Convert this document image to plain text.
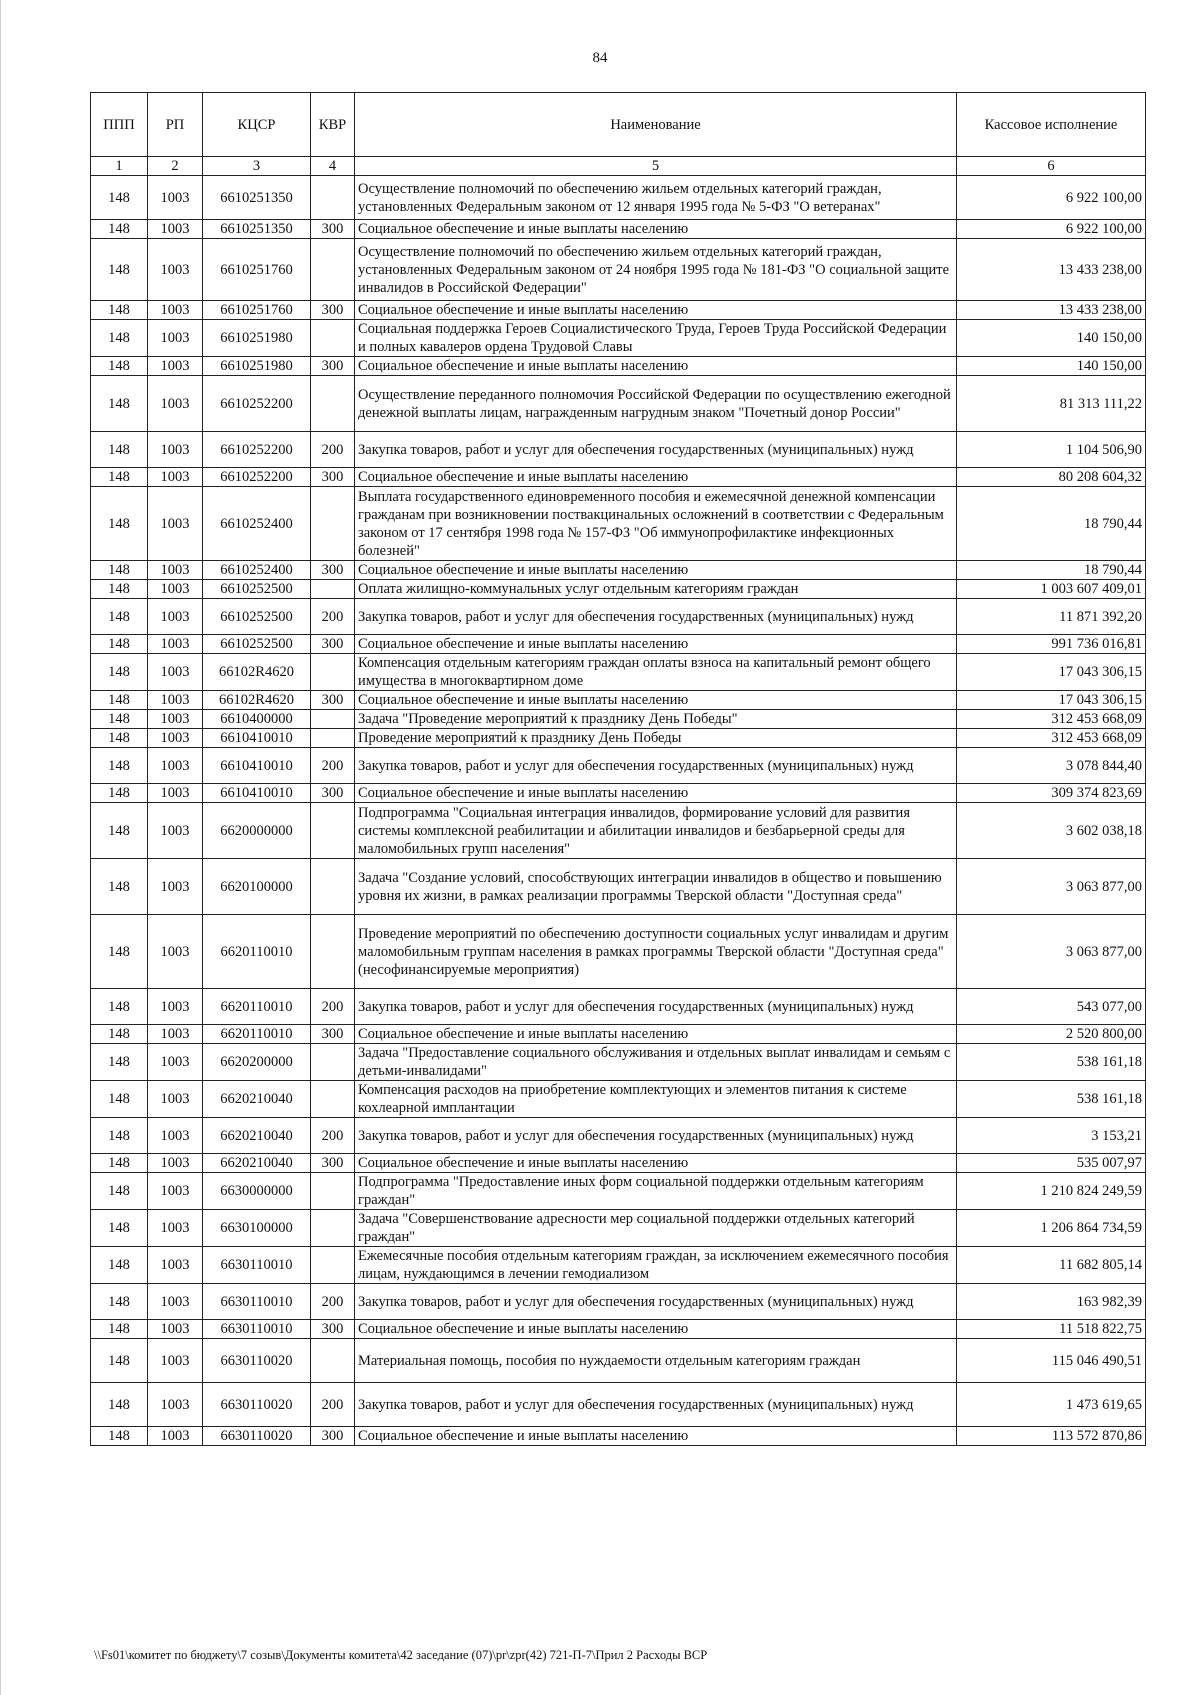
84
ППП	РП	КЦСР	КВР	Наименование	Кассовое исполнение
1	2	3	4	5	6
148	1003	6610251350		Осуществление полномочий по обеспечению жильем отдельных категорий граждан, установленных Федеральным законом от 12 января 1995 года № 5-ФЗ "О ветеранах"	6 922 100,00
148	1003	6610251350	300	Социальное обеспечение и иные выплаты населению	6 922 100,00
148	1003	6610251760		Осуществление полномочий по обеспечению жильем отдельных категорий граждан, установленных Федеральным законом от 24 ноября 1995 года № 181-ФЗ "О социальной защите инвалидов в Российской Федерации"	13 433 238,00
148	1003	6610251760	300	Социальное обеспечение и иные выплаты населению	13 433 238,00
148	1003	6610251980		Социальная поддержка Героев Социалистического Труда, Героев Труда Российской Федерации и полных кавалеров ордена Трудовой Славы	140 150,00
148	1003	6610251980	300	Социальное обеспечение и иные выплаты населению	140 150,00
148	1003	6610252200		Осуществление переданного полномочия Российской Федерации по осуществлению ежегодной денежной выплаты лицам, награжденным нагрудным знаком "Почетный донор России"	81 313 111,22
148	1003	6610252200	200	Закупка товаров, работ и услуг для обеспечения государственных (муниципальных) нужд	1 104 506,90
148	1003	6610252200	300	Социальное обеспечение и иные выплаты населению	80 208 604,32
148	1003	6610252400		Выплата государственного единовременного пособия и ежемесячной денежной компенсации гражданам при возникновении поствакцинальных осложнений в соответствии с Федеральным законом от 17 сентября 1998 года № 157-ФЗ "Об иммунопрофилактике инфекционных болезней"	18 790,44
148	1003	6610252400	300	Социальное обеспечение и иные выплаты населению	18 790,44
148	1003	6610252500		Оплата жилищно-коммунальных услуг отдельным категориям граждан	1 003 607 409,01
148	1003	6610252500	200	Закупка товаров, работ и услуг для обеспечения государственных (муниципальных) нужд	11 871 392,20
148	1003	6610252500	300	Социальное обеспечение и иные выплаты населению	991 736 016,81
148	1003	66102R4620		Компенсация отдельным категориям граждан оплаты взноса на капитальный ремонт общего имущества в многоквартирном доме	17 043 306,15
148	1003	66102R4620	300	Социальное обеспечение и иные выплаты населению	17 043 306,15
148	1003	6610400000		Задача "Проведение мероприятий к празднику День Победы"	312 453 668,09
148	1003	6610410010		Проведение мероприятий к празднику День Победы	312 453 668,09
148	1003	6610410010	200	Закупка товаров, работ и услуг для обеспечения государственных (муниципальных) нужд	3 078 844,40
148	1003	6610410010	300	Социальное обеспечение и иные выплаты населению	309 374 823,69
148	1003	6620000000		Подпрограмма "Социальная интеграция инвалидов, формирование условий для развития системы комплексной реабилитации и абилитации инвалидов и безбарьерной среды для маломобильных групп населения"	3 602 038,18
148	1003	6620100000		Задача "Создание условий, способствующих интеграции инвалидов в общество и повышению уровня их жизни, в рамках реализации программы Тверской области "Доступная среда"	3 063 877,00
148	1003	6620110010		Проведение мероприятий по обеспечению доступности социальных услуг инвалидам и другим маломобильным группам населения в рамках программы Тверской области "Доступная среда" (несофинансируемые мероприятия)	3 063 877,00
148	1003	6620110010	200	Закупка товаров, работ и услуг для обеспечения государственных (муниципальных) нужд	543 077,00
148	1003	6620110010	300	Социальное обеспечение и иные выплаты населению	2 520 800,00
148	1003	6620200000		Задача "Предоставление социального обслуживания и отдельных выплат инвалидам и семьям с детьми-инвалидами"	538 161,18
148	1003	6620210040		Компенсация расходов на приобретение комплектующих и элементов питания к системе кохлеарной имплантации	538 161,18
148	1003	6620210040	200	Закупка товаров, работ и услуг для обеспечения государственных (муниципальных) нужд	3 153,21
148	1003	6620210040	300	Социальное обеспечение и иные выплаты населению	535 007,97
148	1003	6630000000		Подпрограмма "Предоставление иных форм социальной поддержки отдельным категориям граждан"	1 210 824 249,59
148	1003	6630100000		Задача "Совершенствование адресности мер социальной поддержки отдельных категорий граждан"	1 206 864 734,59
148	1003	6630110010		Ежемесячные пособия отдельным категориям граждан, за исключением ежемесячного пособия лицам, нуждающимся в лечении гемодиализом	11 682 805,14
148	1003	6630110010	200	Закупка товаров, работ и услуг для обеспечения государственных (муниципальных) нужд	163 982,39
148	1003	6630110010	300	Социальное обеспечение и иные выплаты населению	11 518 822,75
148	1003	6630110020		Материальная помощь, пособия по нуждаемости отдельным категориям граждан	115 046 490,51
148	1003	6630110020	200	Закупка товаров, работ и услуг для обеспечения государственных (муниципальных) нужд	1 473 619,65
148	1003	6630110020	300	Социальное обеспечение и иные выплаты населению	113 572 870,86
\\Fs01\комитет по бюджету\7 созыв\Документы комитета\42 заседание (07)\pr\zpr(42) 721-П-7\Прил 2 Расходы ВСР
